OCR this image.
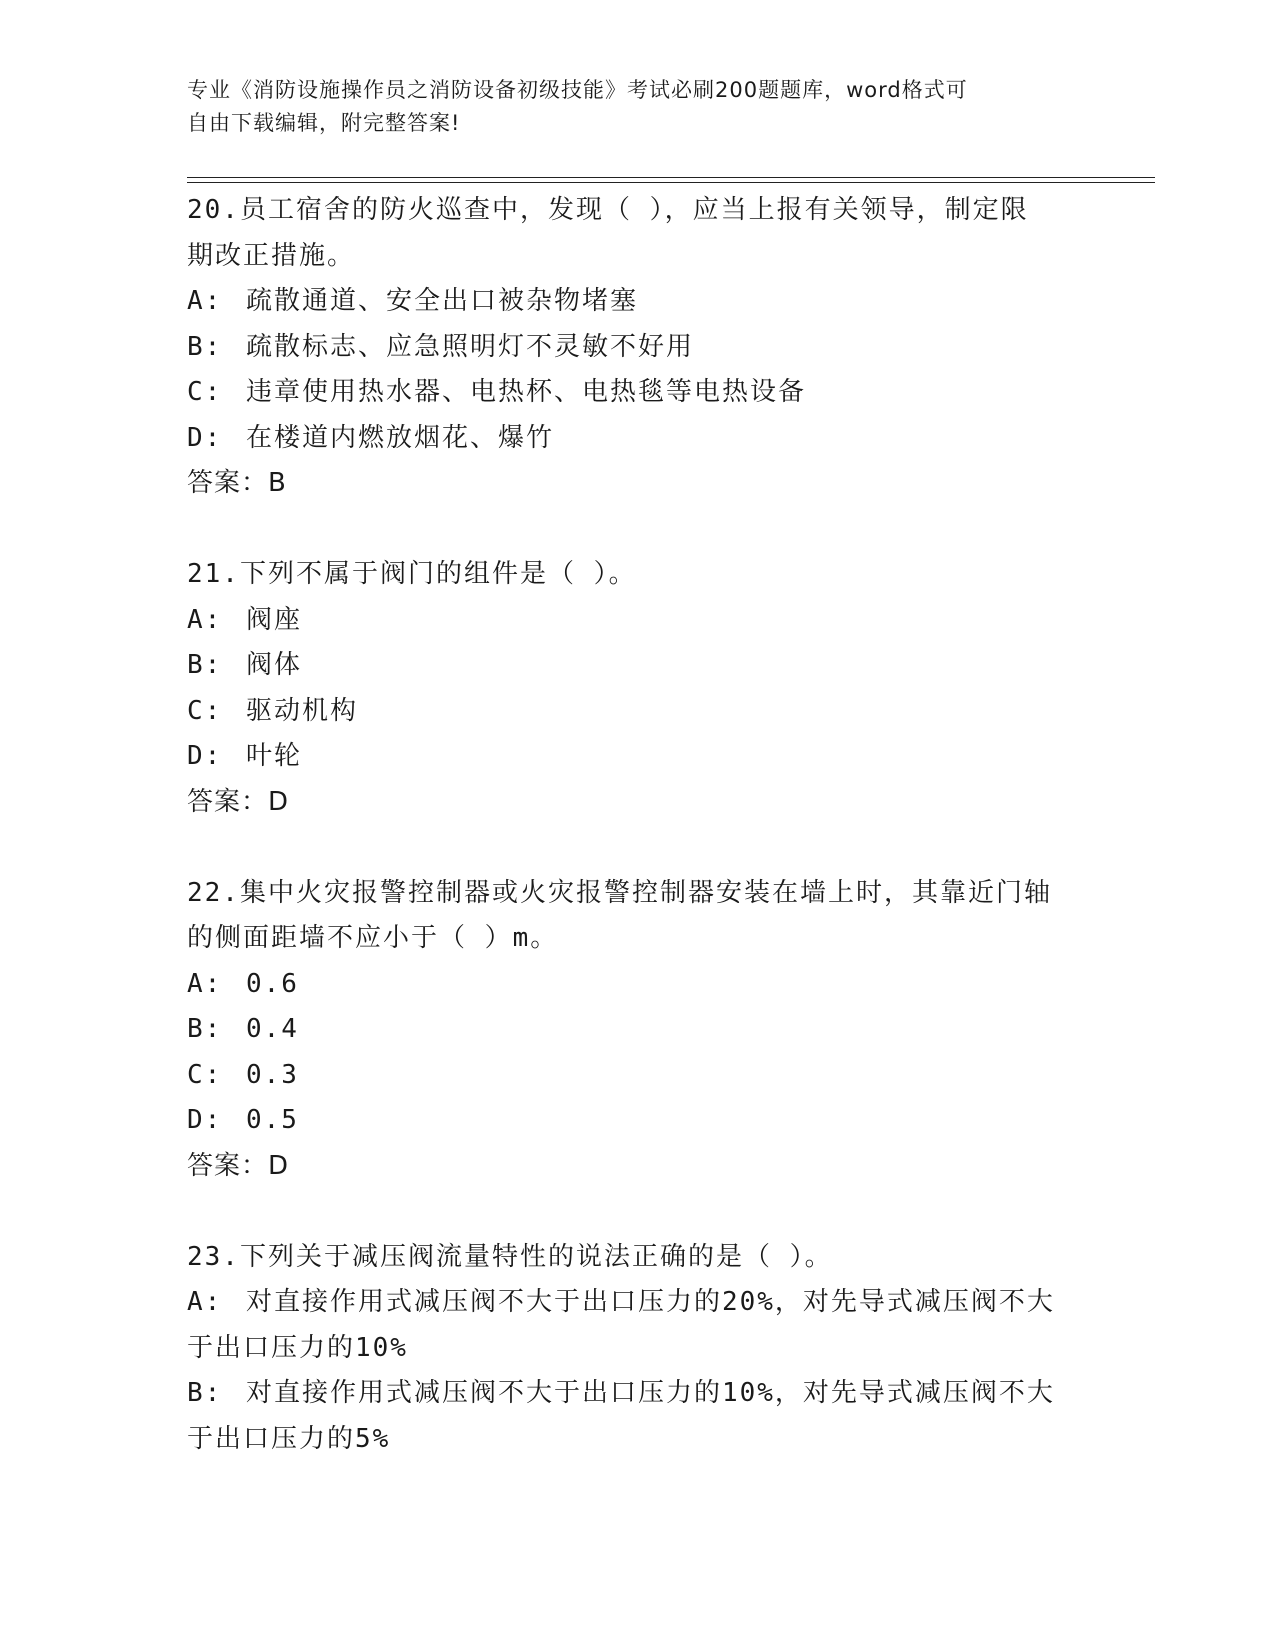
专业《消防设施操作员之消防设备初级技能》考试必刷200题题库，word格式可
自由下载编辑，附完整答案!

20.员工宿舍的防火巡查中，发现（ ），应当上报有关领导，制定限

期改正措施。

A : 疏散通道、安全出口被杂物堵塞

B : 疏散标志、应急照明灯不灵敏不好用

C : 违章使用热水器、电热杯、电热毯等电热设备

D : 在楼道内燃放烟花、爆竹

答案：B

21.下列不属于阀门的组件是（ ）。

A : 阀座

B : 阀体

C : 驱动机构

D : 叶轮

答案：D

22.集中火灾报警控制器或火灾报警控制器安装在墙上时，其靠近门轴

的侧面距墙不应小于（ ）m。

A : 0.6

B : 0.4

C : 0.3

D : 0.5

答案：D

23.下列关于减压阀流量特性的说法正确的是（ ）。

A : 对直接作用式减压阀不大于出口压力的20%，对先导式减压阀不大

于出口压力的10%

B : 对直接作用式减压阀不大于出口压力的10%，对先导式减压阀不大

于出口压力的5%
